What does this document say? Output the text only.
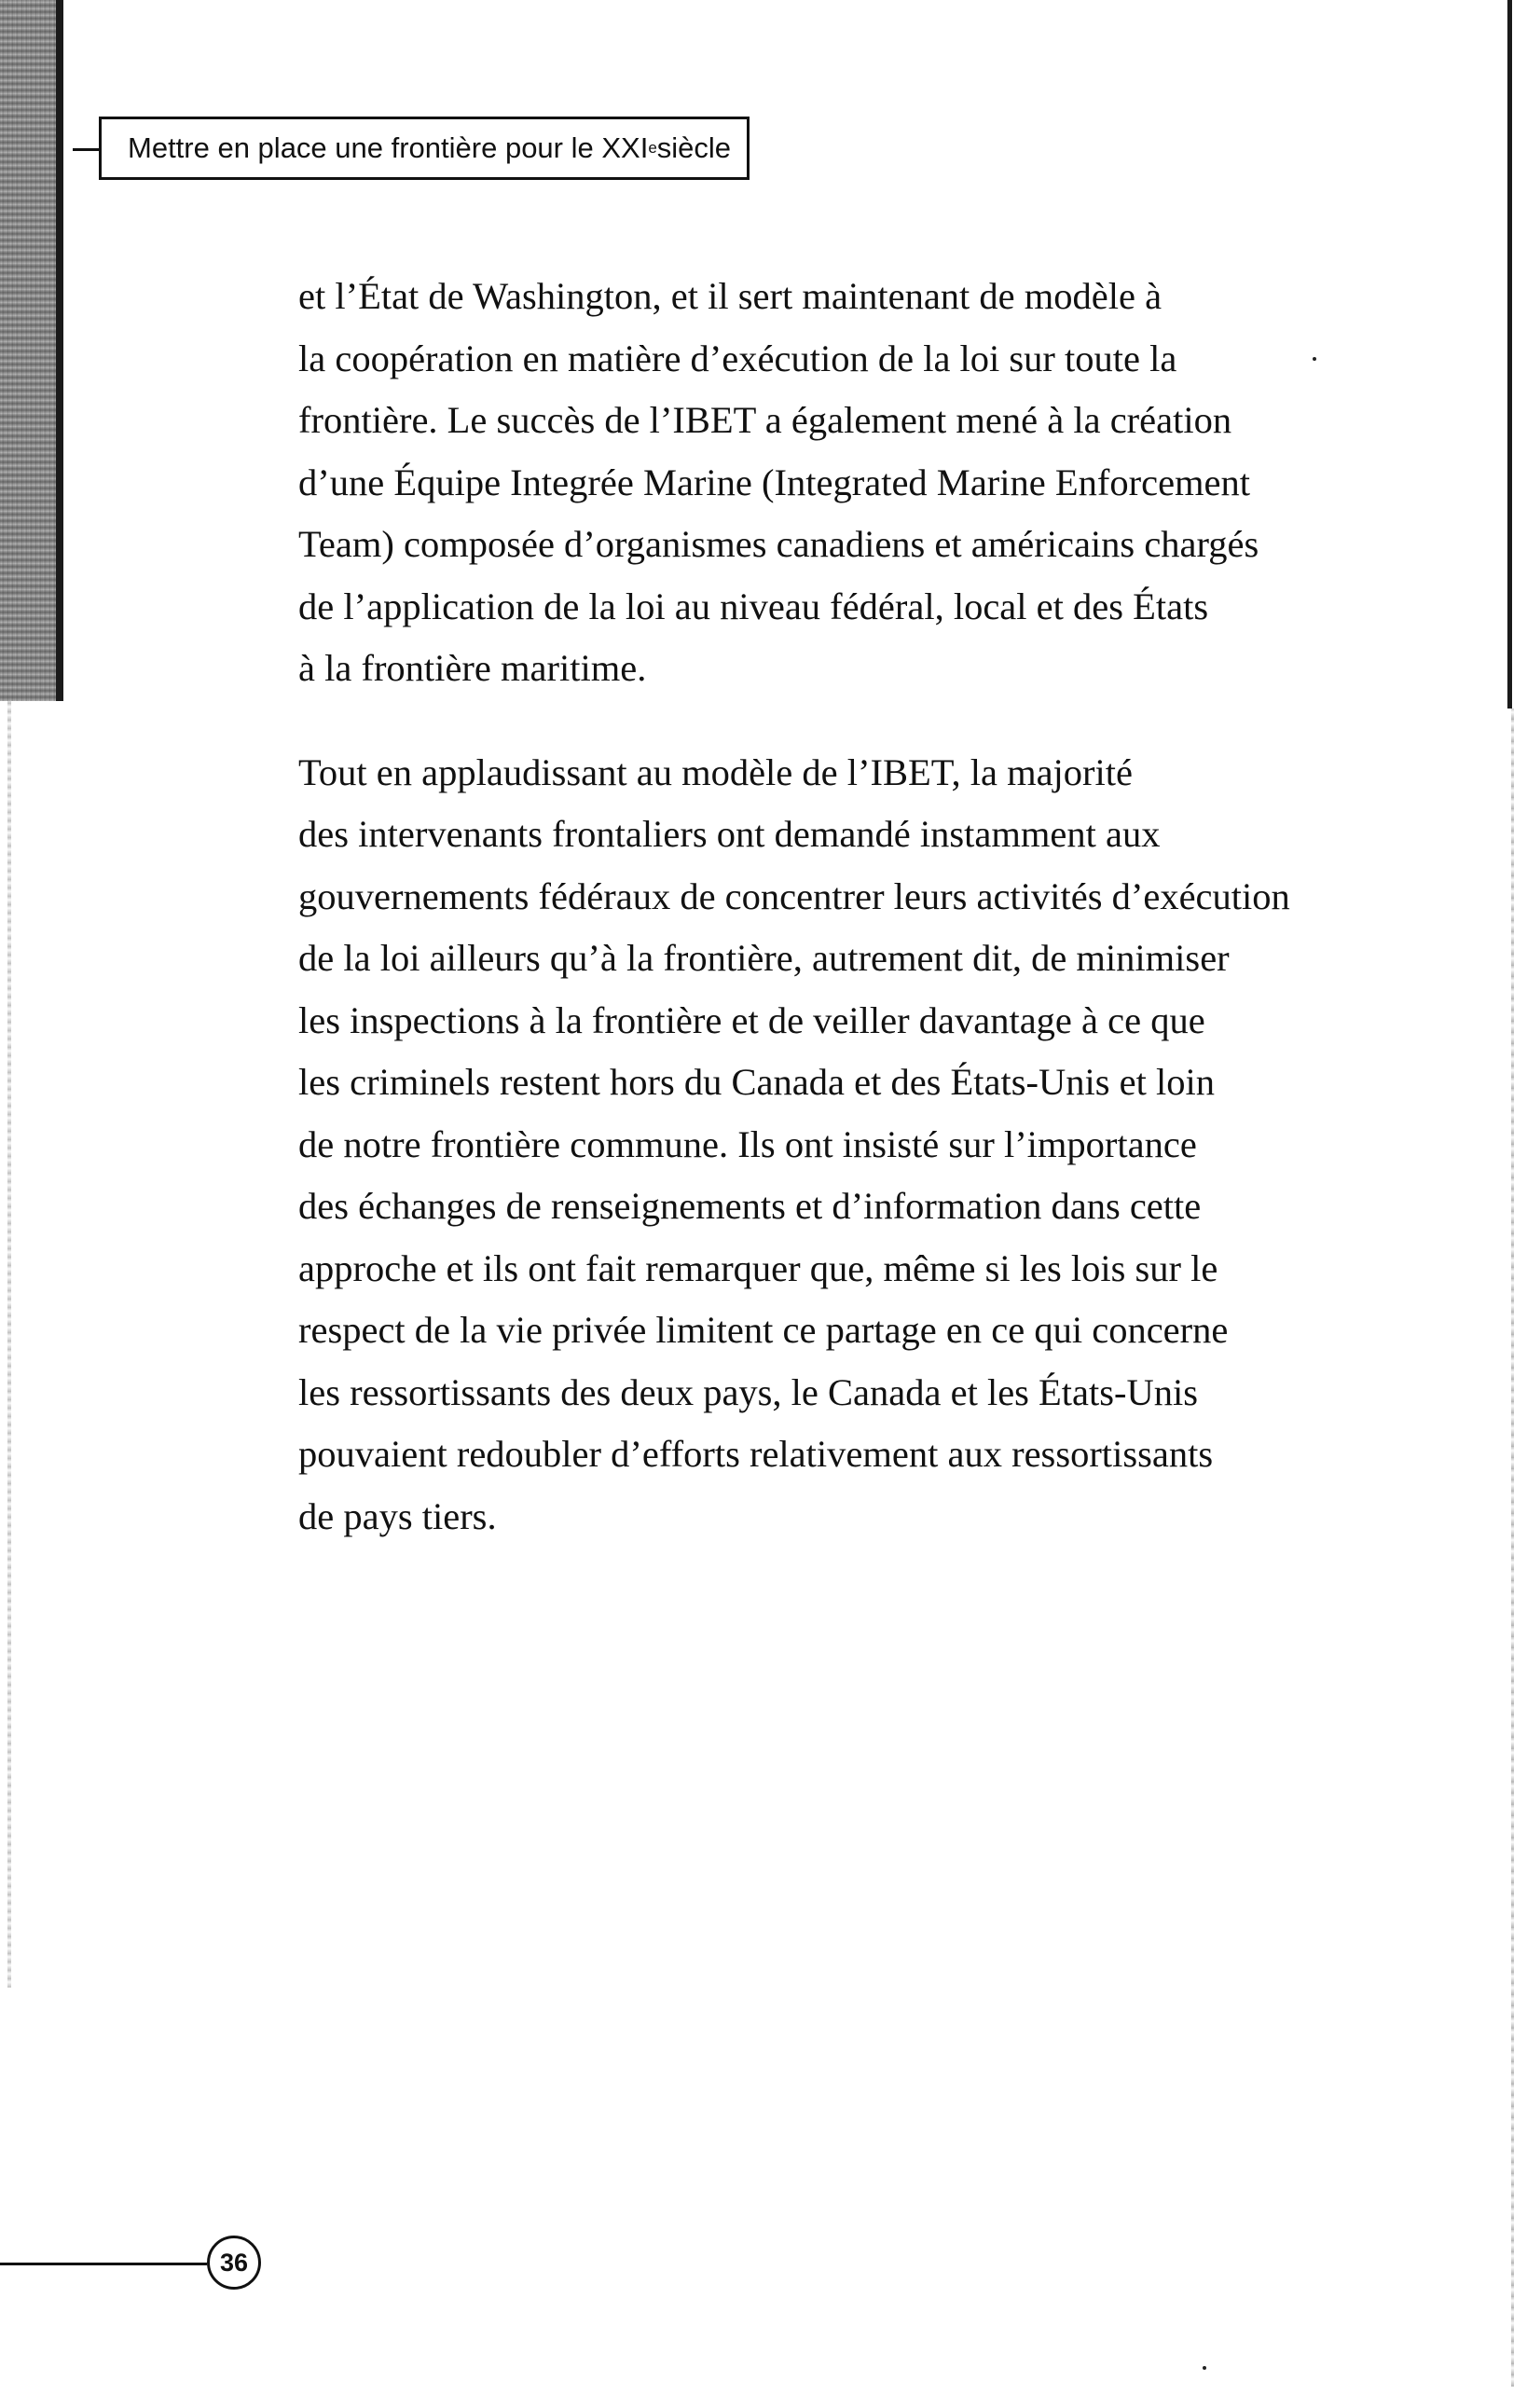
Mettre en place une frontière pour le XXI e siècle

et l’État de Washington, et il sert maintenant de modèle à
la coopération en matière d’exécution de la loi sur toute la
frontière. Le succès de l’IBET a également mené à la création
d’une Équipe Integrée Marine (Integrated Marine Enforcement
Team) composée d’organismes canadiens et américains chargés
de l’application de la loi au niveau fédéral, local et des États
à la frontière maritime.

Tout en applaudissant au modèle de l’IBET, la majorité
des intervenants frontaliers ont demandé instamment aux
gouvernements fédéraux de concentrer leurs activités d’exécution
de la loi ailleurs qu’à la frontière, autrement dit, de minimiser
les inspections à la frontière et de veiller davantage à ce que
les criminels restent hors du Canada et des États-Unis et loin
de notre frontière commune. Ils ont insisté sur l’importance
des échanges de renseignements et d’information dans cette
approche et ils ont fait remarquer que, même si les lois sur le
respect de la vie privée limitent ce partage en ce qui concerne
les ressortissants des deux pays, le Canada et les États-Unis
pouvaient redoubler d’efforts relativement aux ressortissants
de pays tiers.

36
